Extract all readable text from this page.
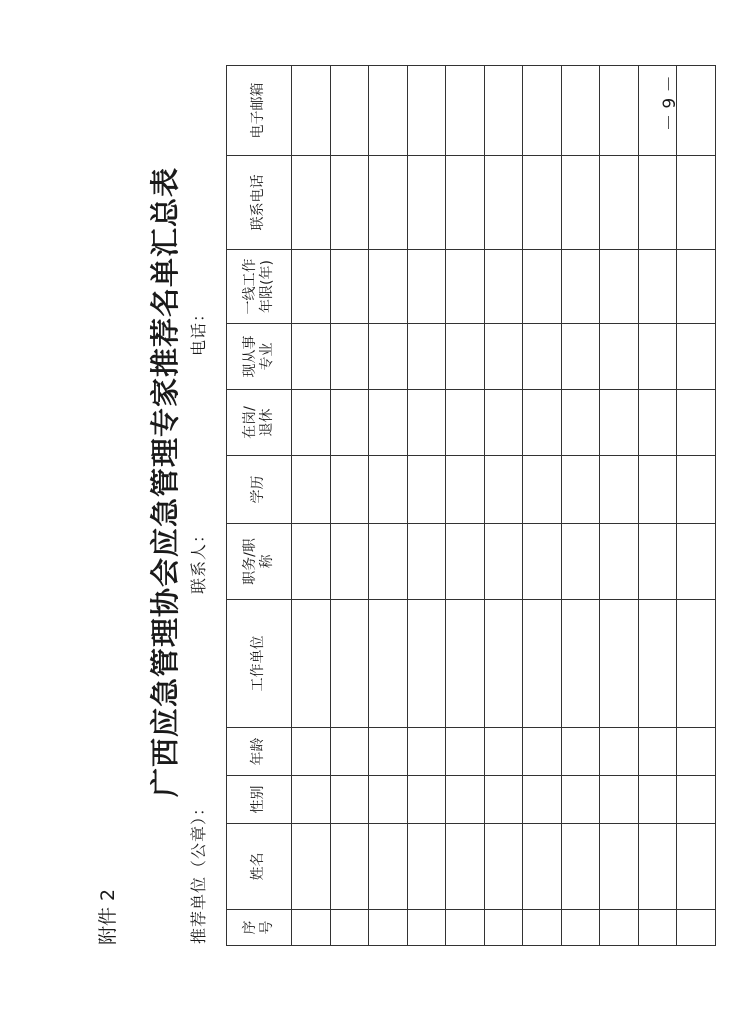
附件 2
广西应急管理协会应急管理专家推荐名单汇总表
推荐单位（公章）：
联系人：
电话：
序 号	姓名	性别	年龄	工作单位	职务/职 称	学历	在岗/ 退休	现从事 专业	一线工作 年限(年)	联系电话	电子邮箱

												－ 9 －
